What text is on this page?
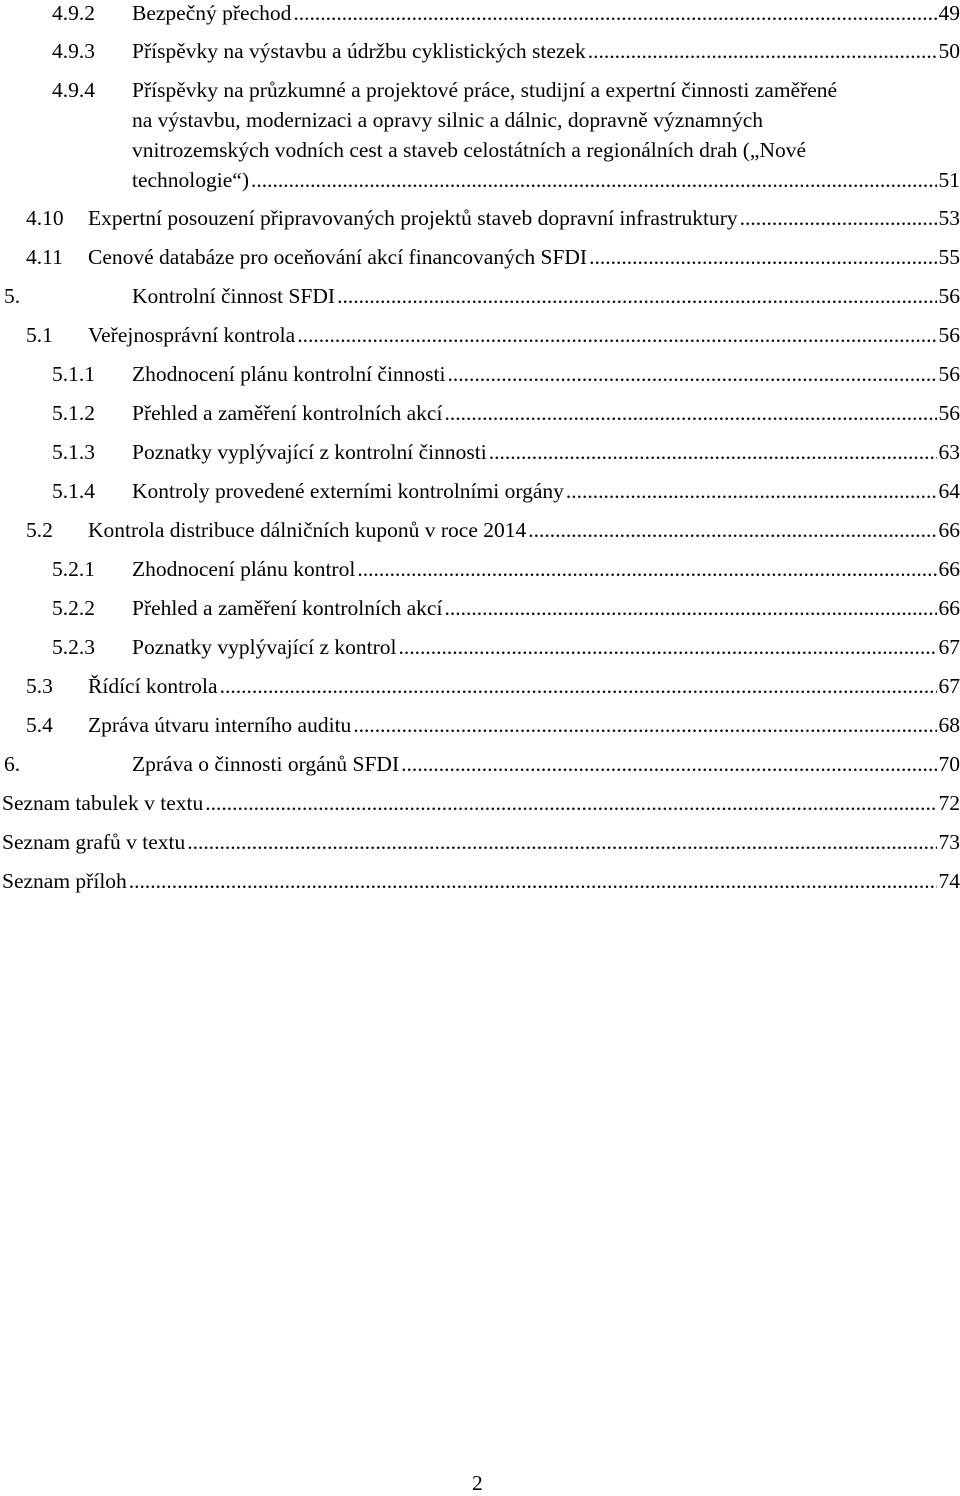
4.9.2 Bezpečný přechod .....	49
4.9.3 Příspěvky na výstavbu a údržbu cyklistických stezek .....	50
4.9.4 Příspěvky na průzkumné a projektové práce, studijní a expertní činnosti zaměřené
na výstavbu, modernizaci a opravy silnic a dálnic, dopravně významných
vnitrozemských vodních cest a staveb celostátních a regionálních drah („Nové
technologie“) .....	51
4.10 Expertní posouzení připravovaných projektů staveb dopravní infrastruktury .....	53
4.11 Cenové databáze pro oceňování akcí financovaných SFDI .....	55
5.	Kontrolní činnost SFDI .....	56
5.1 Veřejnosprávní kontrola .....	56
5.1.1 Zhodnocení plánu kontrolní činnosti .....	56
5.1.2 Přehled a zaměření kontrolních akcí .....	56
5.1.3 Poznatky vyplývající z kontrolní činnosti .....	63
5.1.4 Kontroly provedené externími kontrolními orgány .....	64
5.2 Kontrola distribuce dálničních kuponů v roce 2014 .....	66
5.2.1 Zhodnocení plánu kontrol .....	66
5.2.2 Přehled a zaměření kontrolních akcí .....	66
5.2.3 Poznatky vyplývající z kontrol .....	67
5.3 Řídící kontrola .....	67
5.4 Zpráva útvaru interního auditu .....	68
6.	Zpráva o činnosti orgánů SFDI .....	70
Seznam tabulek v textu .....	72
Seznam grafů v textu .....	73
Seznam příloh .....	74
2
